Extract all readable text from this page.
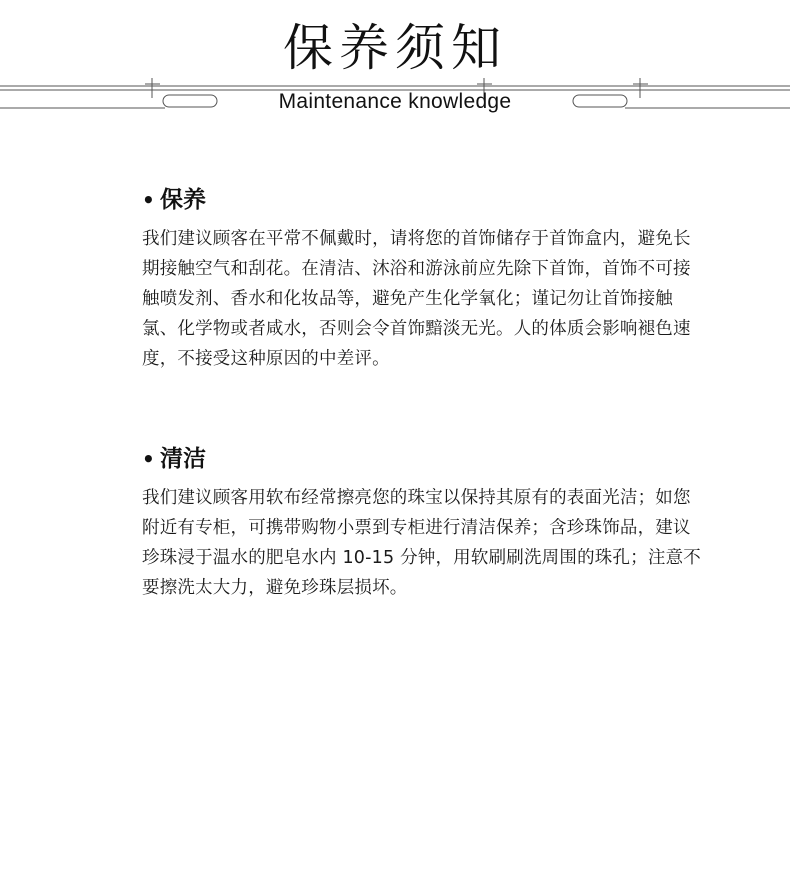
保养须知
Maintenance knowledge
• 保养
我们建议顾客在平常不佩戴时，请将您的首饰储存于首饰盒内，避免长期接触空气和刮花。在清洁、沐浴和游泳前应先除下首饰，首饰不可接触喷发剂、香水和化妆品等，避免产生化学氧化；谨记勿让首饰接触氯、化学物或者咸水，否则会令首饰黯淡无光。人的体质会影响褪色速度，不接受这种原因的中差评。
• 清洁
我们建议顾客用软布经常擦亮您的珠宝以保持其原有的表面光洁；如您附近有专柜，可携带购物小票到专柜进行清洁保养；含珍珠饰品，建议珍珠浸于温水的肥皂水内 10-15 分钟，用软刷刷洗周围的珠孔；注意不要擦洗太大力，避免珍珠层损坏。
